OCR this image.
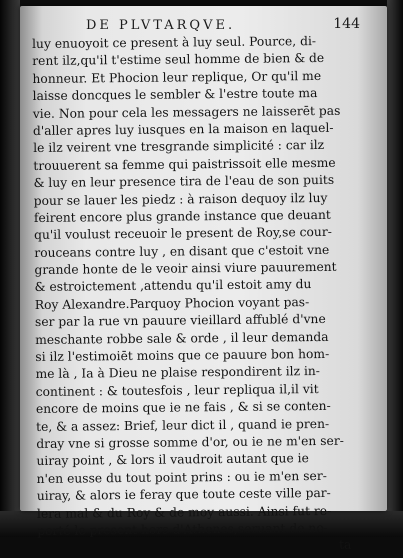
DE PLVTARQVE.	144
luy enuoyoit ce present à luy seul. Pource, di-
rent ilz,qu'il t'estime seul homme de bien & de
honneur. Et Phocion leur replique, Or qu'il me
laisse doncques le sembler & l'estre toute ma
vie. Non pour cela les messagers ne laisserēt pas
d'aller apres luy iusques en la maison en laquel-
le ilz veirent vne tresgrande simplicité : car ilz
trouuerent sa femme qui paistrissoit elle mesme
& luy en leur presence tira de l'eau de son puits
pour se lauer les piedz : à raison dequoy ilz luy
feirent encore plus grande instance que deuant
qu'il voulust receuoir le present de Roy,se cour-
rouceans contre luy , en disant que c'estoit vne
grande honte de le veoir ainsi viure pauurement
& estroictement ,attendu qu'il estoit amy du
Roy Alexandre.Parquoy Phocion voyant pas-
ser par la rue vn pauure vieillard affublé d'vne
meschante robbe sale & orde , il leur demanda
si ilz l'estimoiēt moins que ce pauure bon hom-
me là , Ia à Dieu ne plaise respondirent ilz in-
continent : & toutesfois , leur repliqua il,il vit
encore de moins que ie ne fais , & si se conten-
te, & a assez: Brief, leur dict il , quand ie pren-
dray vne si grosse somme d'or, ou ie ne m'en ser-
uiray point , & lors il vaudroit autant que ie
n'en eusse du tout point prins : ou ie m'en ser-
uiray, & alors ie feray que toute ceste ville par-
lera mal & du Roy & de moy aussi. Ainsi fut re-
porté le present hors d'Athenes,seruant de no-
ta
